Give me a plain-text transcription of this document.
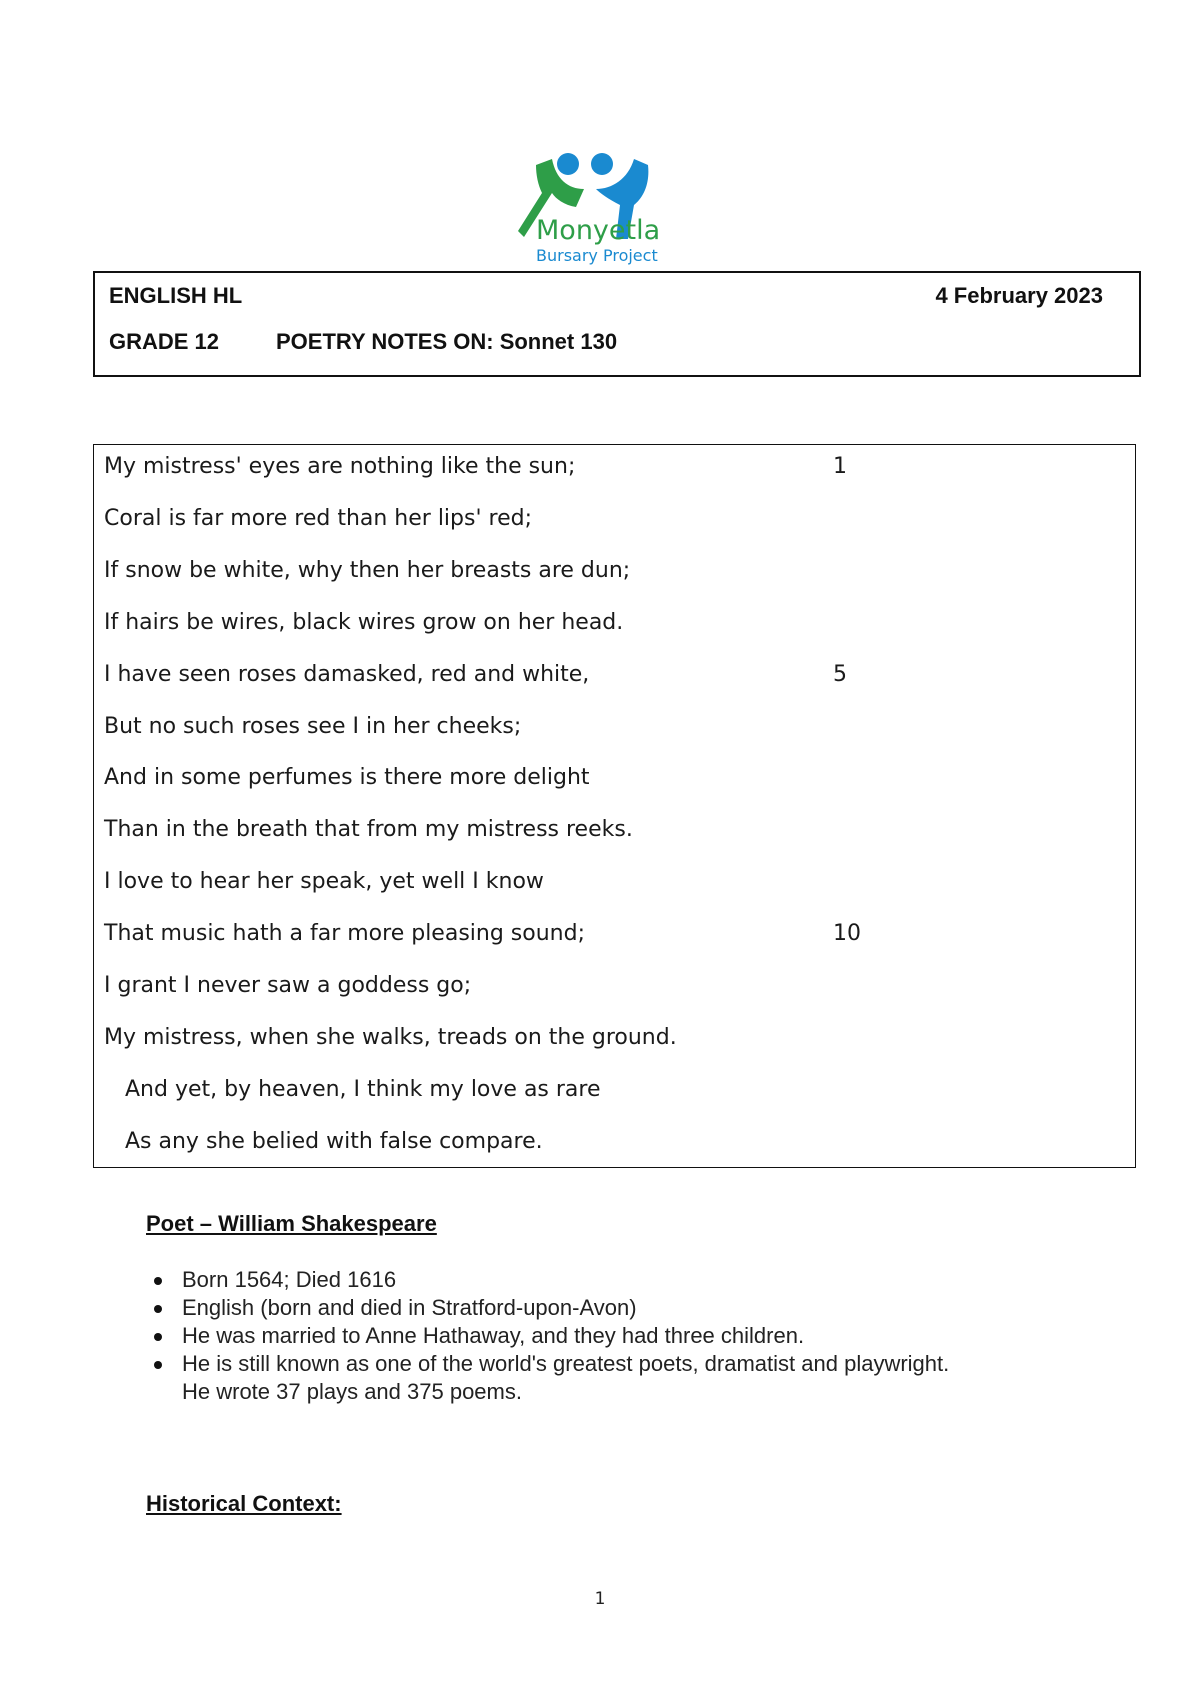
Monyetla
Bursary Project
ENGLISH HL	4 February 2023
GRADE 12	POETRY NOTES ON: Sonnet 130
My mistress' eyes are nothing like the sun;	1
Coral is far more red than her lips' red;
If snow be white, why then her breasts are dun;
If hairs be wires, black wires grow on her head.
I have seen roses damasked, red and white,	5
But no such roses see I in her cheeks;
And in some perfumes is there more delight
Than in the breath that from my mistress reeks.
I love to hear her speak, yet well I know
That music hath a far more pleasing sound;	10
I grant I never saw a goddess go;
My mistress, when she walks, treads on the ground.
And yet, by heaven, I think my love as rare
As any she belied with false compare.
Poet – William Shakespeare
Born 1564; Died 1616
English (born and died in Stratford-upon-Avon)
He was married to Anne Hathaway, and they had three children.
He is still known as one of the world's greatest poets, dramatist and playwright.
He wrote 37 plays and 375 poems.
Historical Context:
1
